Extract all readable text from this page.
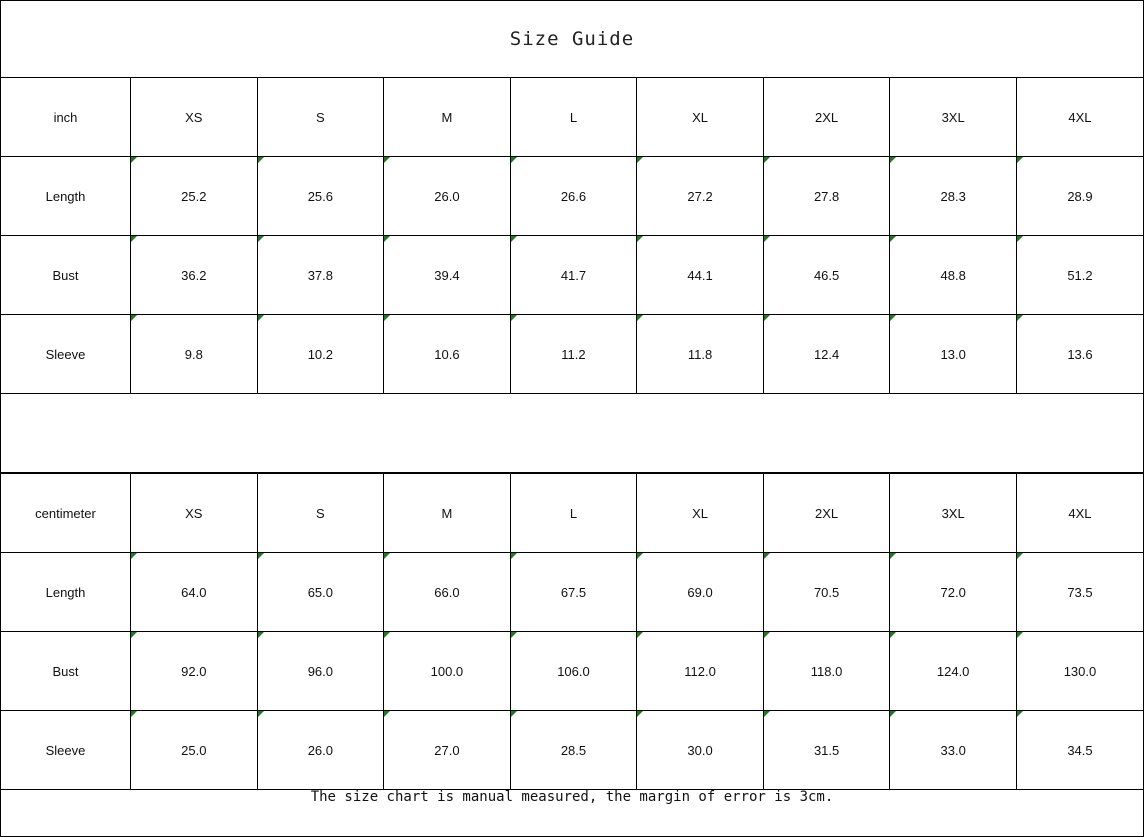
Size Guide
inch	XS	S	M	L	XL	2XL	3XL	4XL
Length	25.2	25.6	26.0	26.6	27.2	27.8	28.3	28.9
Bust	36.2	37.8	39.4	41.7	44.1	46.5	48.8	51.2
Sleeve	9.8	10.2	10.6	11.2	11.8	12.4	13.0	13.6

centimeter	XS	S	M	L	XL	2XL	3XL	4XL
Length	64.0	65.0	66.0	67.5	69.0	70.5	72.0	73.5
Bust	92.0	96.0	100.0	106.0	112.0	118.0	124.0	130.0
Sleeve	25.0	26.0	27.0	28.5	30.0	31.5	33.0	34.5
The size chart is manual measured, the margin of error is 3cm.
